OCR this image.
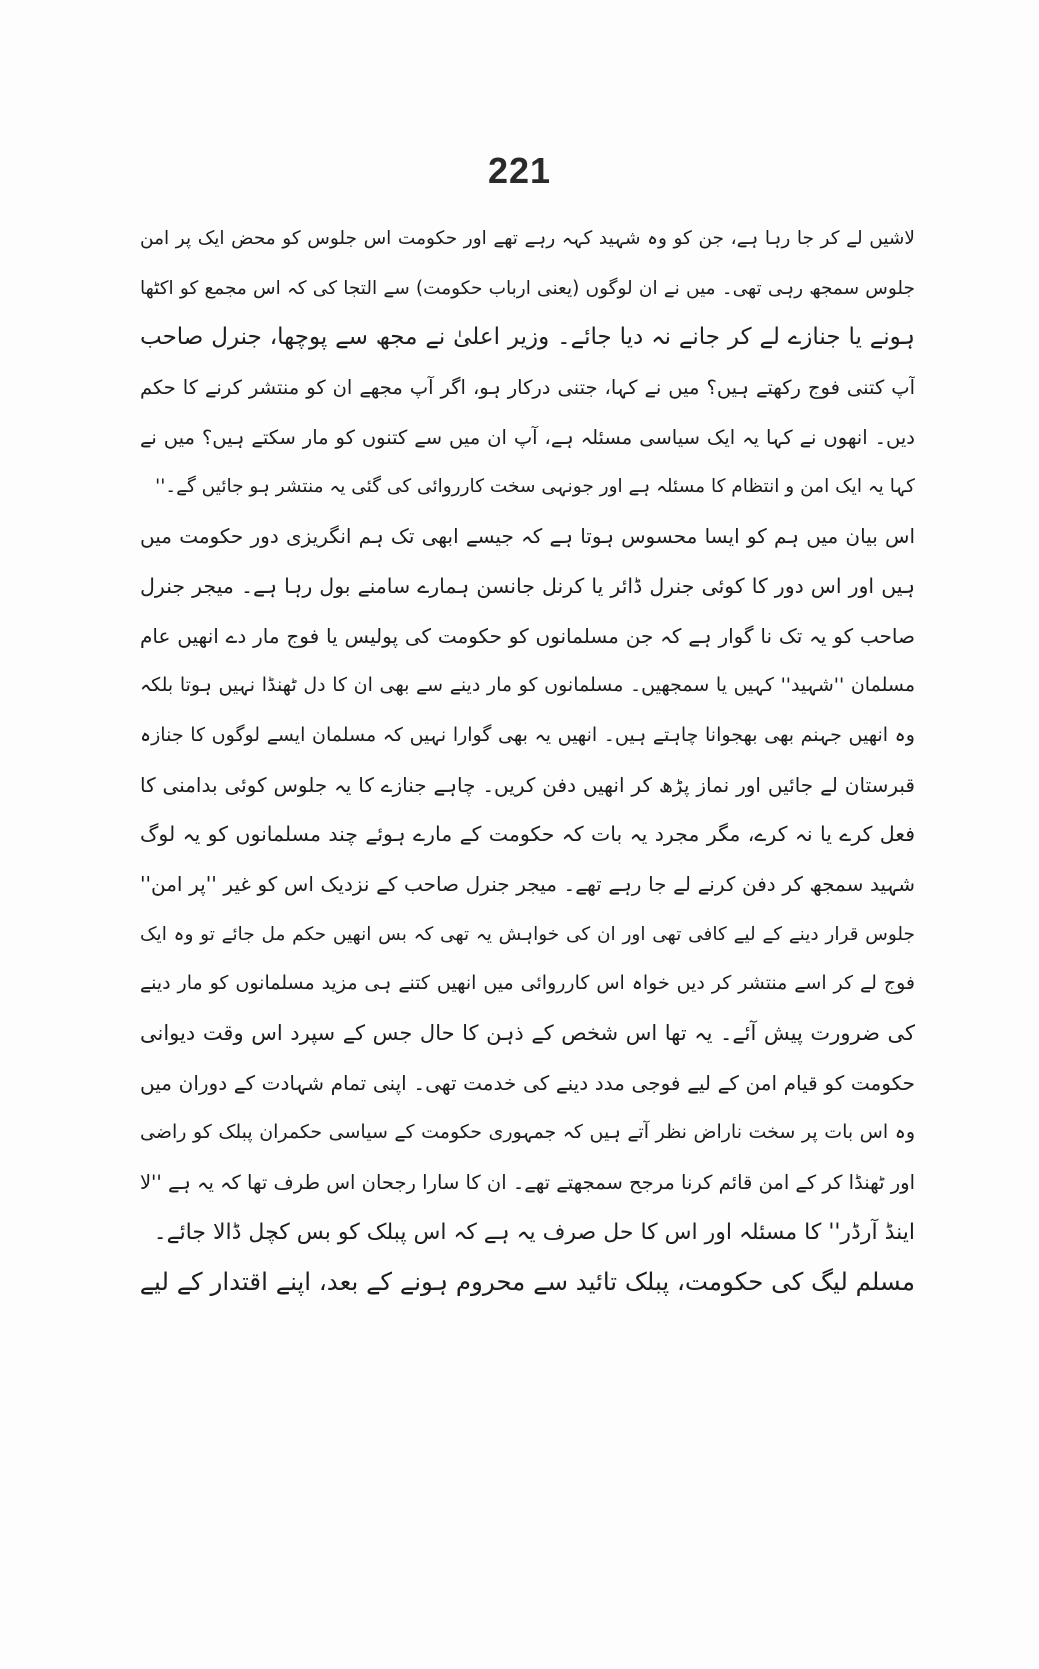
221
لاشیں لے کر جا رہا ہے، جن کو وہ شہید کہہ رہے تھے اور حکومت اس جلوس کو محض ایک پر امن
جلوس سمجھ رہی تھی۔ میں نے ان لوگوں (یعنی ارباب حکومت) سے التجا کی کہ اس مجمع کو اکٹھا
ہونے یا جنازے لے کر جانے نہ دیا جائے۔ وزیر اعلیٰ نے مجھ سے پوچھا، جنرل صاحب
آپ کتنی فوج رکھتے ہیں؟ میں نے کہا، جتنی درکار ہو، اگر آپ مجھے ان کو منتشر کرنے کا حکم
دیں۔ انھوں نے کہا یہ ایک سیاسی مسئلہ ہے، آپ ان میں سے کتنوں کو مار سکتے ہیں؟ میں نے
کہا یہ ایک امن و انتظام کا مسئلہ ہے اور جونہی سخت کارروائی کی گئی یہ منتشر ہو جائیں گے۔''
اس بیان میں ہم کو ایسا محسوس ہوتا ہے کہ جیسے ابھی تک ہم انگریزی دور حکومت میں
ہیں اور اس دور کا کوئی جنرل ڈائر یا کرنل جانسن ہمارے سامنے بول رہا ہے۔ میجر جنرل
صاحب کو یہ تک نا گوار ہے کہ جن مسلمانوں کو حکومت کی پولیس یا فوج مار دے انھیں عام
مسلمان ''شہید'' کہیں یا سمجھیں۔ مسلمانوں کو مار دینے سے بھی ان کا دل ٹھنڈا نہیں ہوتا بلکہ
وہ انھیں جہنم بھی بھجوانا چاہتے ہیں۔ انھیں یہ بھی گوارا نہیں کہ مسلمان ایسے لوگوں کا جنازہ
قبرستان لے جائیں اور نماز پڑھ کر انھیں دفن کریں۔ چاہے جنازے کا یہ جلوس کوئی بدامنی کا
فعل کرے یا نہ کرے، مگر مجرد یہ بات کہ حکومت کے مارے ہوئے چند مسلمانوں کو یہ لوگ
شہید سمجھ کر دفن کرنے لے جا رہے تھے۔ میجر جنرل صاحب کے نزدیک اس کو غیر ''پر امن''
جلوس قرار دینے کے لیے کافی تھی اور ان کی خواہش یہ تھی کہ بس انھیں حکم مل جائے تو وہ ایک
فوج لے کر اسے منتشر کر دیں خواہ اس کارروائی میں انھیں کتنے ہی مزید مسلمانوں کو مار دینے
کی ضرورت پیش آئے۔ یہ تھا اس شخص کے ذہن کا حال جس کے سپرد اس وقت دیوانی
حکومت کو قیام امن کے لیے فوجی مدد دینے کی خدمت تھی۔ اپنی تمام شہادت کے دوران میں
وہ اس بات پر سخت ناراض نظر آتے ہیں کہ جمہوری حکومت کے سیاسی حکمران پبلک کو راضی
اور ٹھنڈا کر کے امن قائم کرنا مرجح سمجھتے تھے۔ ان کا سارا رجحان اس طرف تھا کہ یہ ہے ''لا
اینڈ آرڈر'' کا مسئلہ اور اس کا حل صرف یہ ہے کہ اس پبلک کو بس کچل ڈالا جائے۔
مسلم لیگ کی حکومت، پبلک تائید سے محروم ہونے کے بعد، اپنے اقتدار کے لیے
